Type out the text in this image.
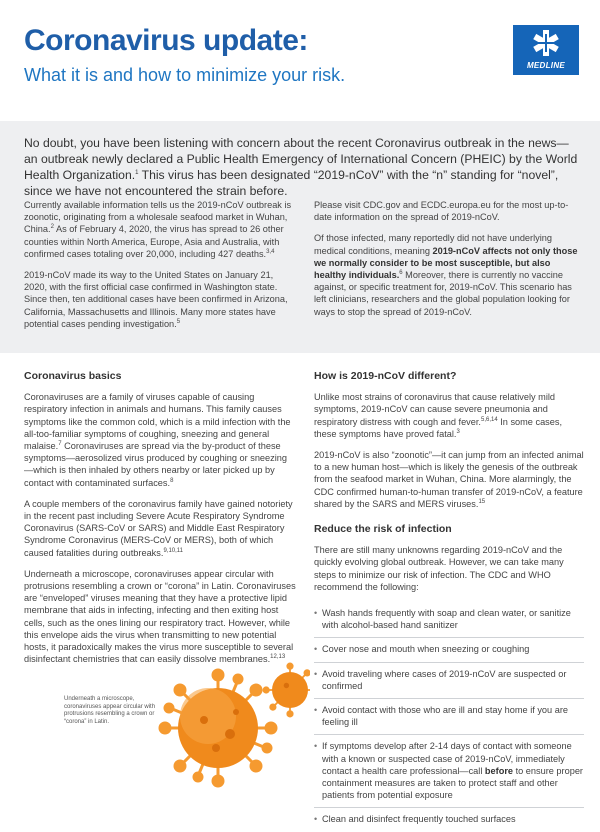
Coronavirus update:
What it is and how to minimize your risk.	MEDLINE
No doubt, you have been listening with concern about the recent Coronavirus outbreak in the news—an outbreak newly declared a Public Health Emergency of International Concern (PHEIC) by the World Health Organization.$^1$ This virus has been designated “2019-nCoV” with the “n” standing for “novel”, since we have not encountered the strain before.

Currently available information tells us the 2019-nCoV outbreak is zoonotic, originating from a wholesale seafood market in Wuhan, China.$^2$ As of February 4, 2020, the virus has spread to 26 other counties within North America, Europe, Asia and Australia, with confirmed cases totaling over 20,000, including 427 deaths.$^{3,4}$

2019-nCoV made its way to the United States on January 21, 2020, with the first official case confirmed in Washington state. Since then, ten additional cases have been confirmed in Arizona, California, Massachusetts and Illinois. Many more states have potential cases pending investigation.$^5$

Please visit CDC.gov and ECDC.europa.eu for the most up-to-date information on the spread of 2019-nCoV.

Of those infected, many reportedly did not have underlying medical conditions, meaning 2019-nCoV affects not only those we normally consider to be most susceptible, but also healthy individuals.$^6$ Moreover, there is currently no vaccine against, or specific treatment for, 2019-nCoV. This scenario has left clinicians, researchers and the global population looking for ways to stop the spread of 2019-nCoV.

Coronavirus basics

Coronaviruses are a family of viruses capable of causing respiratory infection in animals and humans. This family causes symptoms like the common cold, which is a mild infection with the all-too-familiar symptoms of coughing, sneezing and general malaise.$^7$ Coronaviruses are spread via the by-product of these symptoms—aerosolized virus produced by coughing or sneezing—which is then inhaled by others nearby or later picked up by contact with contaminated surfaces.$^8$

A couple members of the coronavirus family have gained notoriety in the recent past including Severe Acute Respiratory Syndrome Coronavirus (SARS-CoV or SARS) and Middle East Respiratory Syndrome Coronavirus (MERS-CoV or MERS), both of which caused fatalities during outbreaks.$^{9,10,11}$

Underneath a microscope, coronaviruses appear circular with protrusions resembling a crown or “corona” in Latin. Coronaviruses are “enveloped” viruses meaning that they have a protective lipid membrane that aids in infecting, infecting and then exiting host cells, such as the ones lining our respiratory tract. However, while this envelope aids the virus when transmitting to new potential hosts, it paradoxically makes the virus more susceptible to several disinfectant chemistries that can easily dissolve membranes.$^{12,13}$

Underneath a microscope, coronaviruses appear circular with protrusions resembling a crown or “corona” in Latin.
How is 2019-nCoV different?

Unlike most strains of coronavirus that cause relatively mild symptoms, 2019-nCoV can cause severe pneumonia and respiratory distress with cough and fever.$^{5,6,14}$ In some cases, these symptoms have proved fatal.$^3$

2019-nCoV is also “zoonotic”—it can jump from an infected animal to a new human host—which is likely the genesis of the outbreak from the seafood market in Wuhan, China. More alarmingly, the CDC confirmed human-to-human transfer of 2019-nCoV, a feature shared by the SARS and MERS viruses.$^{15}$

Reduce the risk of infection

There are still many unknowns regarding 2019-nCoV and the quickly evolving global outbreak. However, we can take many steps to minimize our risk of infection. The CDC and WHO recommend the following:

• Wash hands frequently with soap and clean water, or sanitize with alcohol-based hand sanitizer
• Cover nose and mouth when sneezing or coughing
• Avoid traveling where cases of 2019-nCoV are suspected or confirmed
• Avoid contact with those who are ill and stay home if you are feeling ill
• If symptoms develop after 2-14 days of contact with someone with a known or suspected case of 2019-nCoV, immediately contact a health care professional—call before to ensure proper containment measures are taken to protect staff and other patients from potential exposure
• Clean and disinfect frequently touched surfaces
